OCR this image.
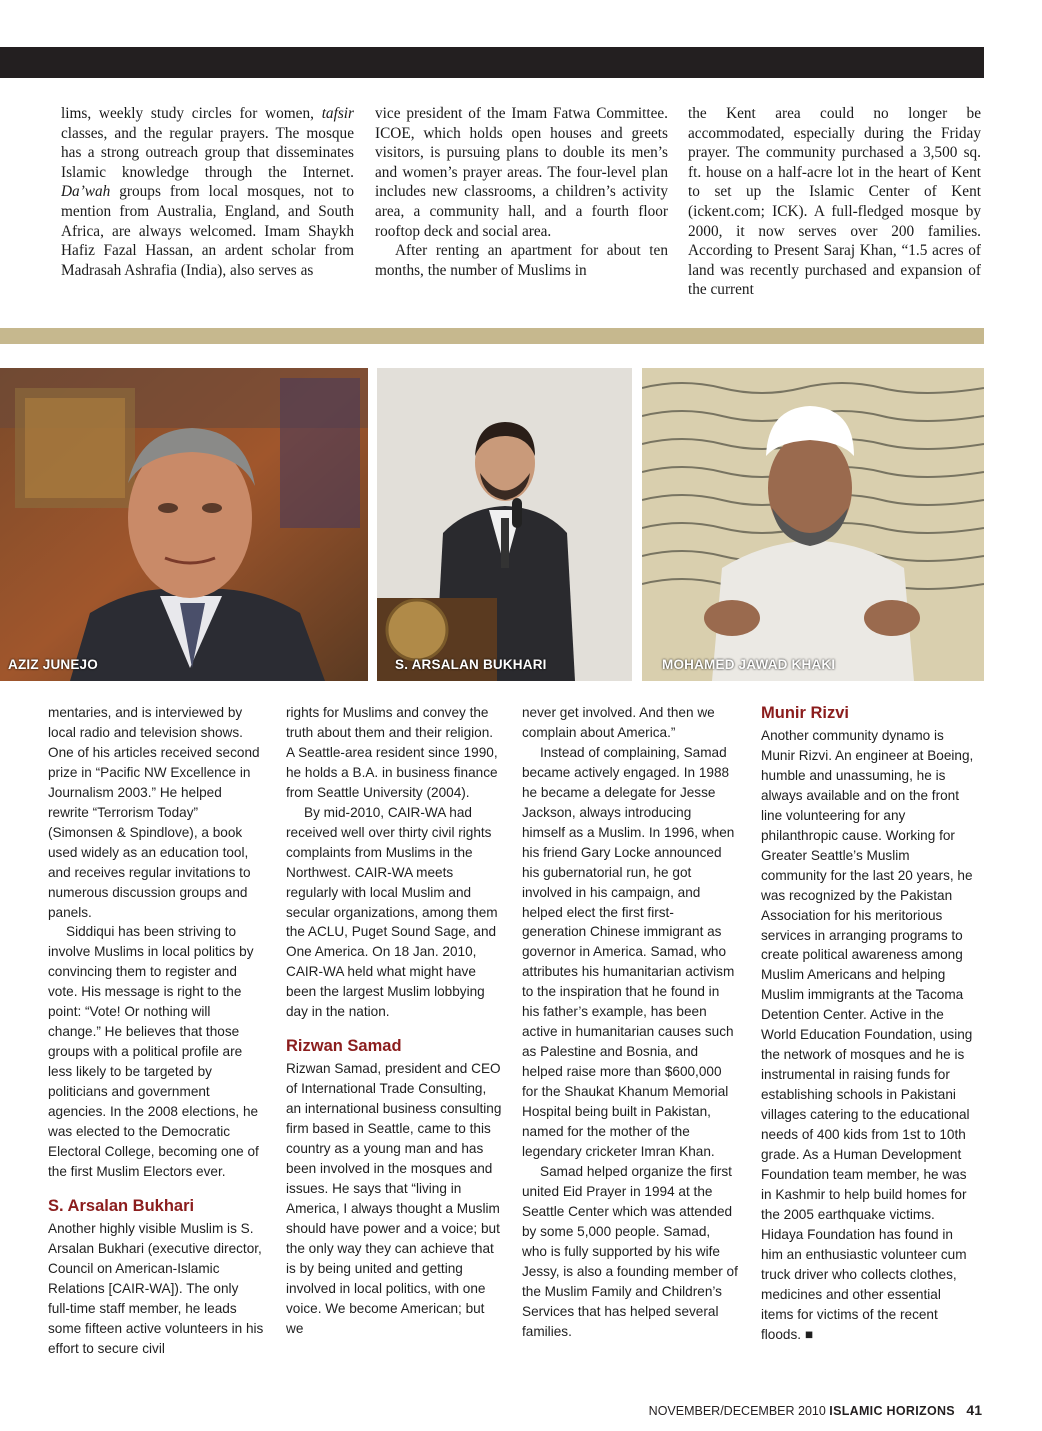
lims, weekly study circles for women, tafsir classes, and the regular prayers. The mosque has a strong outreach group that disseminates Islamic knowledge through the Internet. Da’wah groups from local mosques, not to mention from Australia, England, and South Africa, are always welcomed. Imam Shaykh Hafiz Fazal Hassan, an ardent scholar from Madrasah Ashrafia (India), also serves as

vice president of the Imam Fatwa Committee. ICOE, which holds open houses and greets visitors, is pursuing plans to double its men’s and women’s prayer areas. The four-level plan includes new classrooms, a children’s activity area, a community hall, and a fourth floor rooftop deck and social area.

After renting an apartment for about ten months, the number of Muslims in

the Kent area could no longer be accommodated, especially during the Friday prayer. The community purchased a 3,500 sq. ft. house on a half-acre lot in the heart of Kent to set up the Islamic Center of Kent (ickent.com; ICK). A full-fledged mosque by 2000, it now serves over 200 families. According to Present Saraj Khan, “1.5 acres of land was recently purchased and expansion of the current

AZIZ JUNEJO	S. ARSALAN BUKHARI	MOHAMED JAWAD KHAKI

mentaries, and is interviewed by local radio and television shows. One of his articles received second prize in “Pacific NW Excellence in Journalism 2003.” He helped rewrite “Terrorism Today” (Simonsen & Spindlove), a book used widely as an education tool, and receives regular invitations to numerous discussion groups and panels.

Siddiqui has been striving to involve Muslims in local politics by convincing them to register and vote. His message is right to the point: “Vote! Or nothing will change.” He believes that those groups with a political profile are less likely to be targeted by politicians and government agencies. In the 2008 elections, he was elected to the Democratic Electoral College, becoming one of the first Muslim Electors ever.

S. Arsalan Bukhari

Another highly visible Muslim is S. Arsalan Bukhari (executive director, Council on American-Islamic Relations [CAIR-WA]). The only full-time staff member, he leads some fifteen active volunteers in his effort to secure civil

rights for Muslims and convey the truth about them and their religion. A Seattle-area resident since 1990, he holds a B.A. in business finance from Seattle University (2004).

By mid-2010, CAIR-WA had received well over thirty civil rights complaints from Muslims in the Northwest. CAIR-WA meets regularly with local Muslim and secular organizations, among them the ACLU, Puget Sound Sage, and One America. On 18 Jan. 2010, CAIR-WA held what might have been the largest Muslim lobbying day in the nation.

Rizwan Samad

Rizwan Samad, president and CEO of International Trade Consulting, an international business consulting firm based in Seattle, came to this country as a young man and has been involved in the mosques and issues. He says that “living in America, I always thought a Muslim should have power and a voice; but the only way they can achieve that is by being united and getting involved in local politics, with one voice. We become American; but we

never get involved. And then we complain about America.”

Instead of complaining, Samad became actively engaged. In 1988 he became a delegate for Jesse Jackson, always introducing himself as a Muslim. In 1996, when his friend Gary Locke announced his gubernatorial run, he got involved in his campaign, and helped elect the first first-generation Chinese immigrant as governor in America. Samad, who attributes his humanitarian activism to the inspiration that he found in his father’s example, has been active in humanitarian causes such as Palestine and Bosnia, and helped raise more than $600,000 for the Shaukat Khanum Memorial Hospital being built in Pakistan, named for the mother of the legendary cricketer Imran Khan.

Samad helped organize the first united Eid Prayer in 1994 at the Seattle Center which was attended by some 5,000 people. Samad, who is fully supported by his wife Jessy, is also a founding member of the Muslim Family and Children’s Services that has helped several families.

Munir Rizvi

Another community dynamo is Munir Rizvi. An engineer at Boeing, humble and unassuming, he is always available and on the front line volunteering for any philanthropic cause. Working for Greater Seattle’s Muslim community for the last 20 years, he was recognized by the Pakistan Association for his meritorious services in arranging programs to create political awareness among Muslim Americans and helping Muslim immigrants at the Tacoma Detention Center. Active in the World Education Foundation, using the network of mosques and he is instrumental in raising funds for establishing schools in Pakistani villages catering to the educational needs of 400 kids from 1st to 10th grade. As a Human Development Foundation team member, he was in Kashmir to help build homes for the 2005 earthquake victims. Hidaya Foundation has found in him an enthusiastic volunteer cum truck driver who collects clothes, medicines and other essential items for victims of the recent floods. ■

NOVEMBER/DECEMBER 2010 ISLAMIC HORIZONS 41
